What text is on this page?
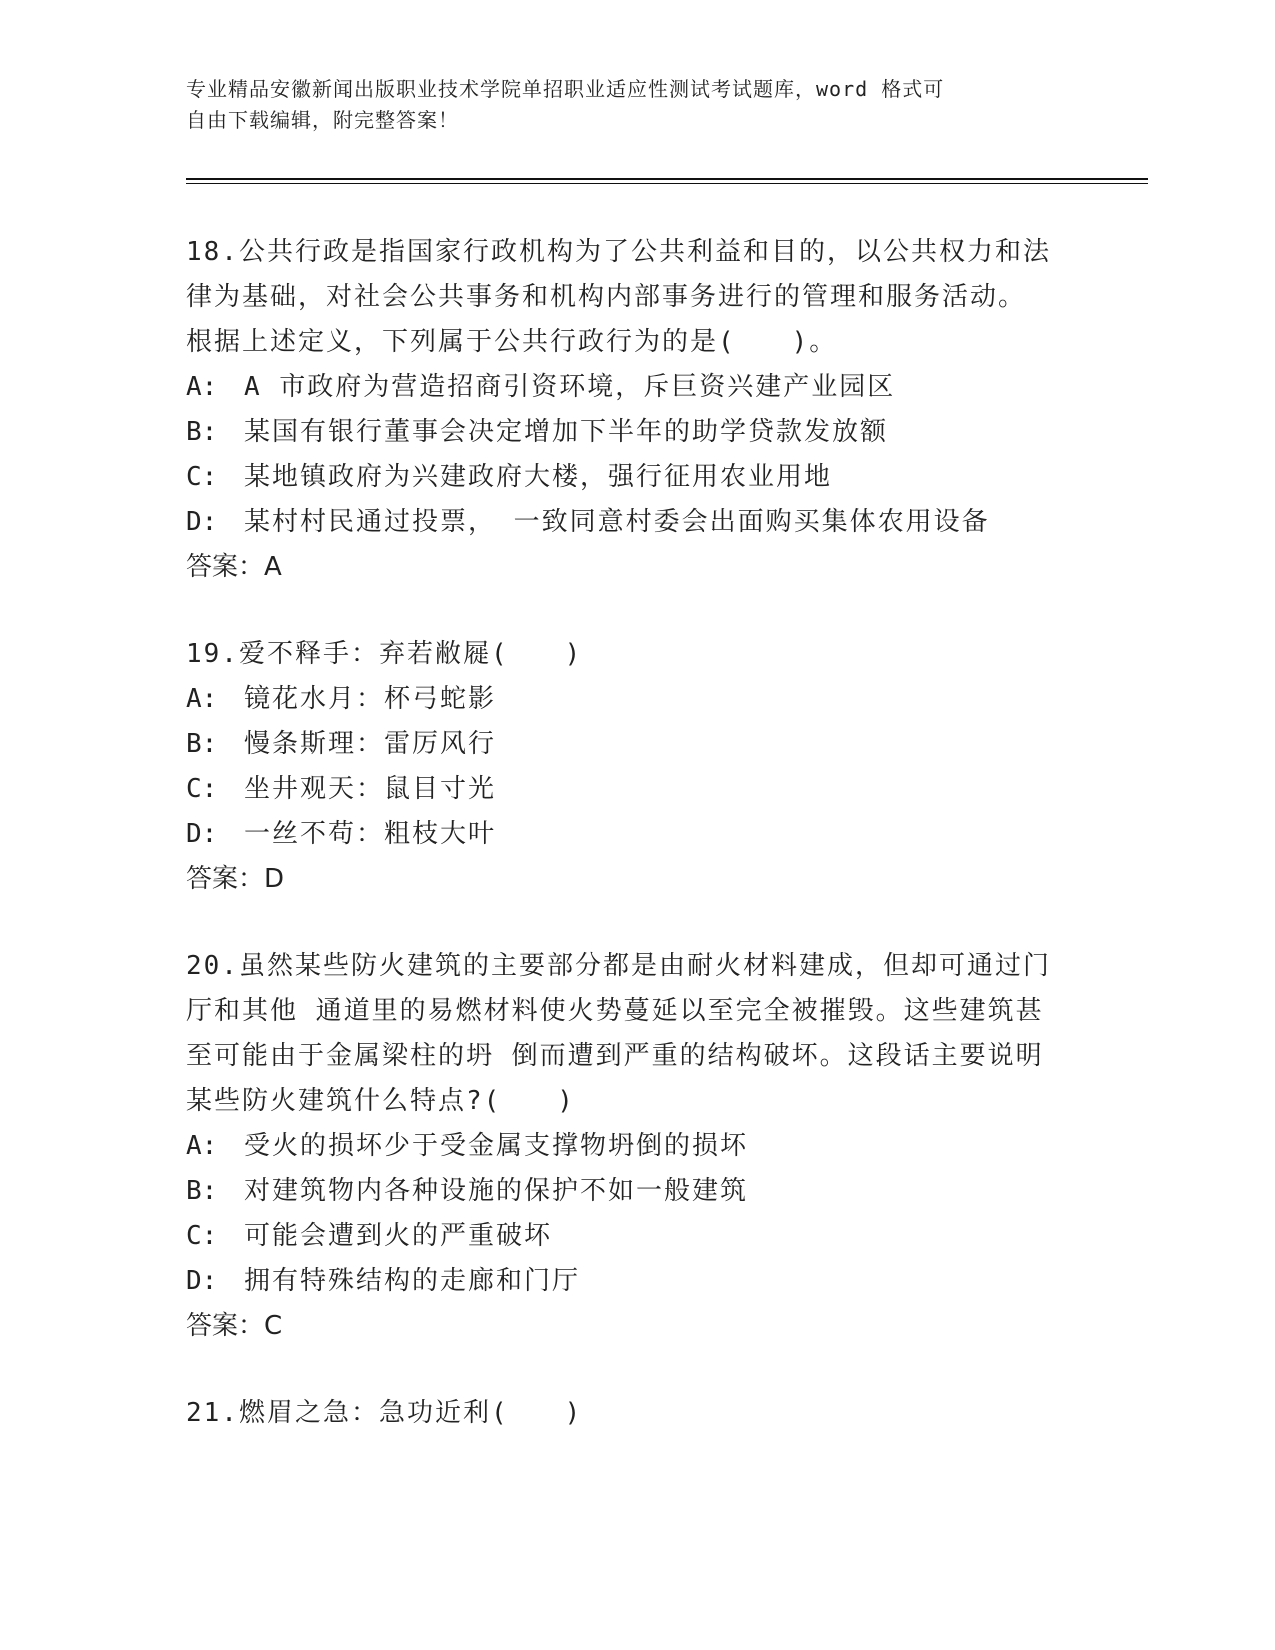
专业精品安徽新闻出版职业技术学院单招职业适应性测试考试题库，word 格式可
自由下载编辑，附完整答案！
18.公共行政是指国家行政机构为了公共利益和目的，以公共权力和法
律为基础，对社会公共事务和机构内部事务进行的管理和服务活动。
根据上述定义，下列属于公共行政行为的是(　　)。
A: A 市政府为营造招商引资环境，斥巨资兴建产业园区
B: 某国有银行董事会决定增加下半年的助学贷款发放额
C: 某地镇政府为兴建政府大楼，强行征用农业用地
D: 某村村民通过投票， 一致同意村委会出面购买集体农用设备
答案：A
19.爱不释手：弃若敝屣(　　)
A: 镜花水月：杯弓蛇影
B: 慢条斯理：雷厉风行
C: 坐井观天：鼠目寸光
D: 一丝不苟：粗枝大叶
答案：D
20.虽然某些防火建筑的主要部分都是由耐火材料建成，但却可通过门
厅和其他 通道里的易燃材料使火势蔓延以至完全被摧毁。这些建筑甚
至可能由于金属梁柱的坍 倒而遭到严重的结构破坏。这段话主要说明
某些防火建筑什么特点?(　　)
A: 受火的损坏少于受金属支撑物坍倒的损坏
B: 对建筑物内各种设施的保护不如一般建筑
C: 可能会遭到火的严重破坏
D: 拥有特殊结构的走廊和门厅
答案：C
21.燃眉之急：急功近利(　　)
